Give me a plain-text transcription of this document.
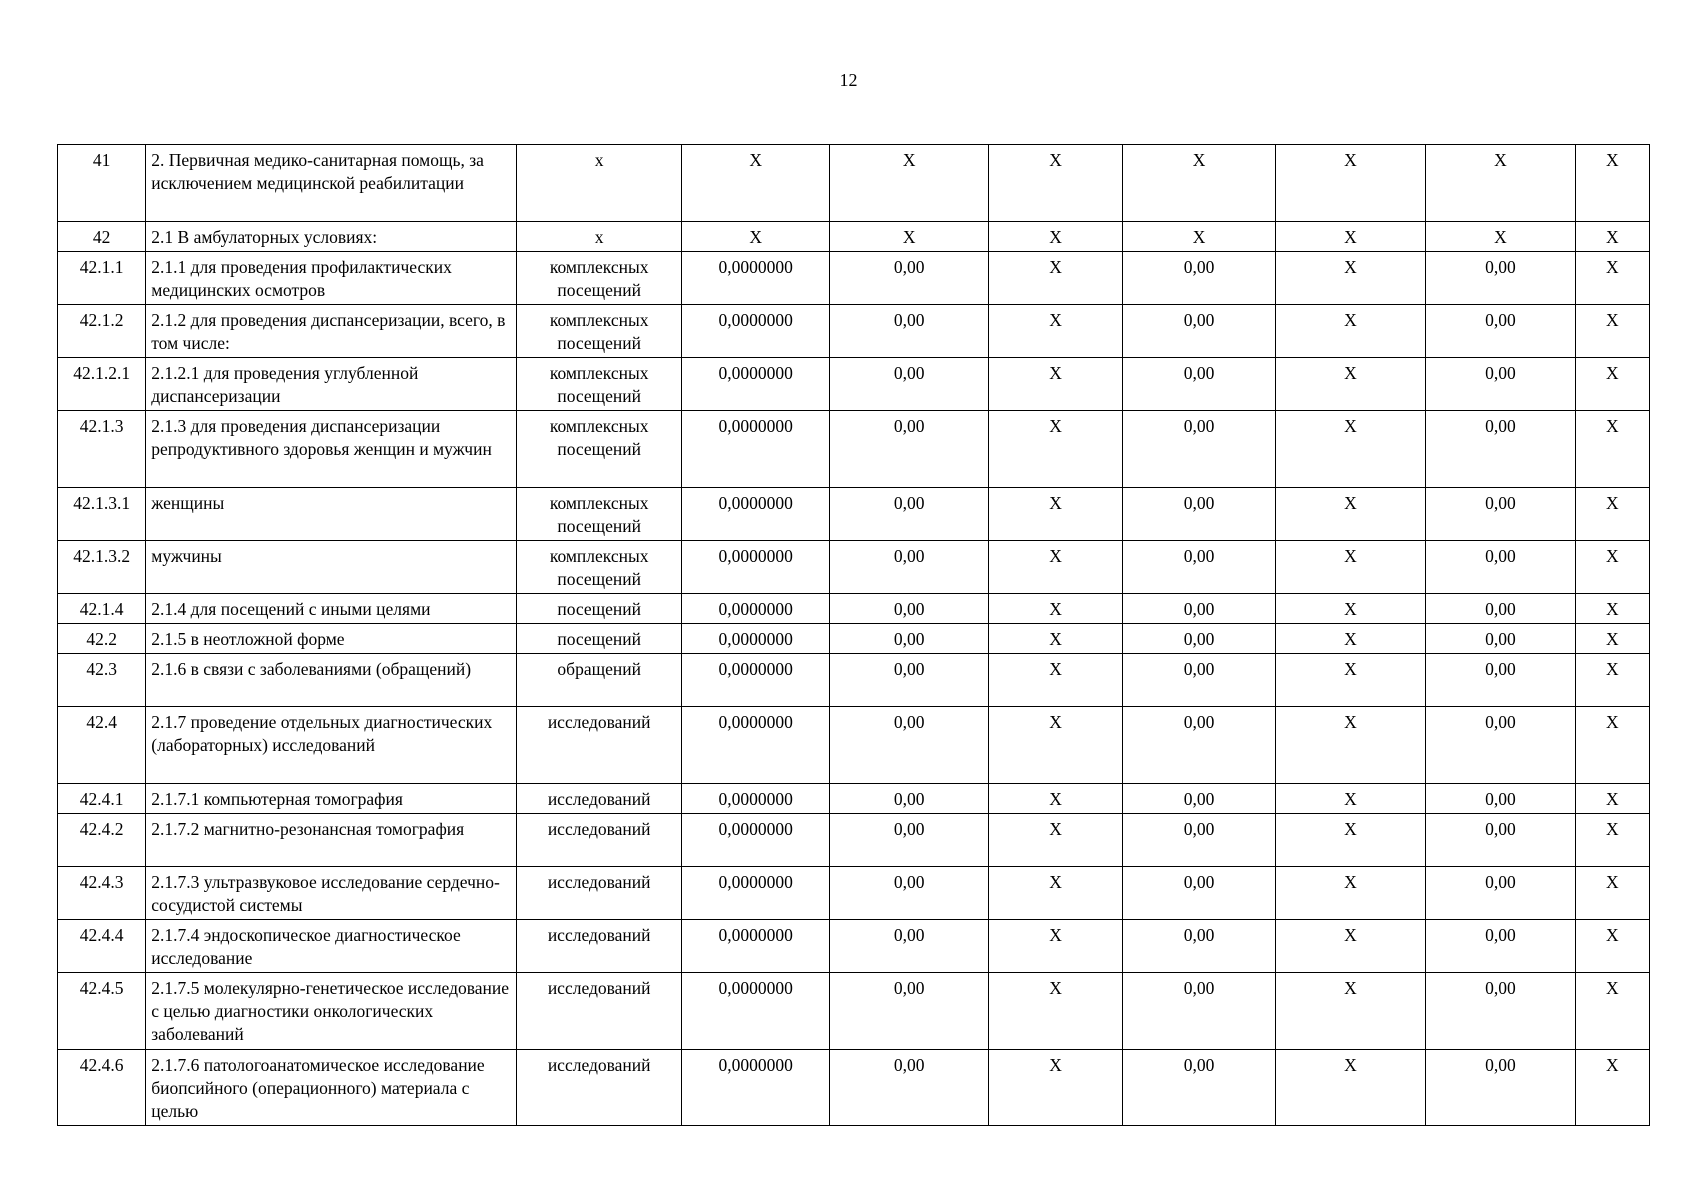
12
41	2. Первичная медико-санитарная помощь, за исключением медицинской реабилитации	х	Х	Х	Х	Х	Х	Х	Х
42	2.1 В амбулаторных условиях:	х	Х	Х	Х	Х	Х	Х	Х
42.1.1	2.1.1 для проведения профилактических медицинских осмотров	комплексных посещений	0,0000000	0,00	Х	0,00	Х	0,00	Х
42.1.2	2.1.2 для проведения диспансеризации, всего, в том числе:	комплексных посещений	0,0000000	0,00	Х	0,00	Х	0,00	Х
42.1.2.1	2.1.2.1 для проведения углубленной диспансеризации	комплексных посещений	0,0000000	0,00	Х	0,00	Х	0,00	Х
42.1.3	2.1.3 для проведения диспансеризации репродуктивного здоровья женщин и мужчин	комплексных посещений	0,0000000	0,00	Х	0,00	Х	0,00	Х
42.1.3.1	женщины	комплексных посещений	0,0000000	0,00	Х	0,00	Х	0,00	Х
42.1.3.2	мужчины	комплексных посещений	0,0000000	0,00	Х	0,00	Х	0,00	Х
42.1.4	2.1.4 для посещений с иными целями	посещений	0,0000000	0,00	Х	0,00	Х	0,00	Х
42.2	2.1.5 в неотложной форме	посещений	0,0000000	0,00	Х	0,00	Х	0,00	Х
42.3	2.1.6 в связи с заболеваниями (обращений)	обращений	0,0000000	0,00	Х	0,00	Х	0,00	Х
42.4	2.1.7 проведение отдельных диагностических (лабораторных) исследований	исследований	0,0000000	0,00	Х	0,00	Х	0,00	Х
42.4.1	2.1.7.1 компьютерная томография	исследований	0,0000000	0,00	Х	0,00	Х	0,00	Х
42.4.2	2.1.7.2 магнитно-резонансная томография	исследований	0,0000000	0,00	Х	0,00	Х	0,00	Х
42.4.3	2.1.7.3 ультразвуковое исследование сердечно-сосудистой системы	исследований	0,0000000	0,00	Х	0,00	Х	0,00	Х
42.4.4	2.1.7.4 эндоскопическое диагностическое исследование	исследований	0,0000000	0,00	Х	0,00	Х	0,00	Х
42.4.5	2.1.7.5 молекулярно-генетическое исследование с целью диагностики онкологических заболеваний	исследований	0,0000000	0,00	Х	0,00	Х	0,00	Х
42.4.6	2.1.7.6 патологоанатомическое исследование биопсийного (операционного) материала с целью	исследований	0,0000000	0,00	Х	0,00	Х	0,00	Х
